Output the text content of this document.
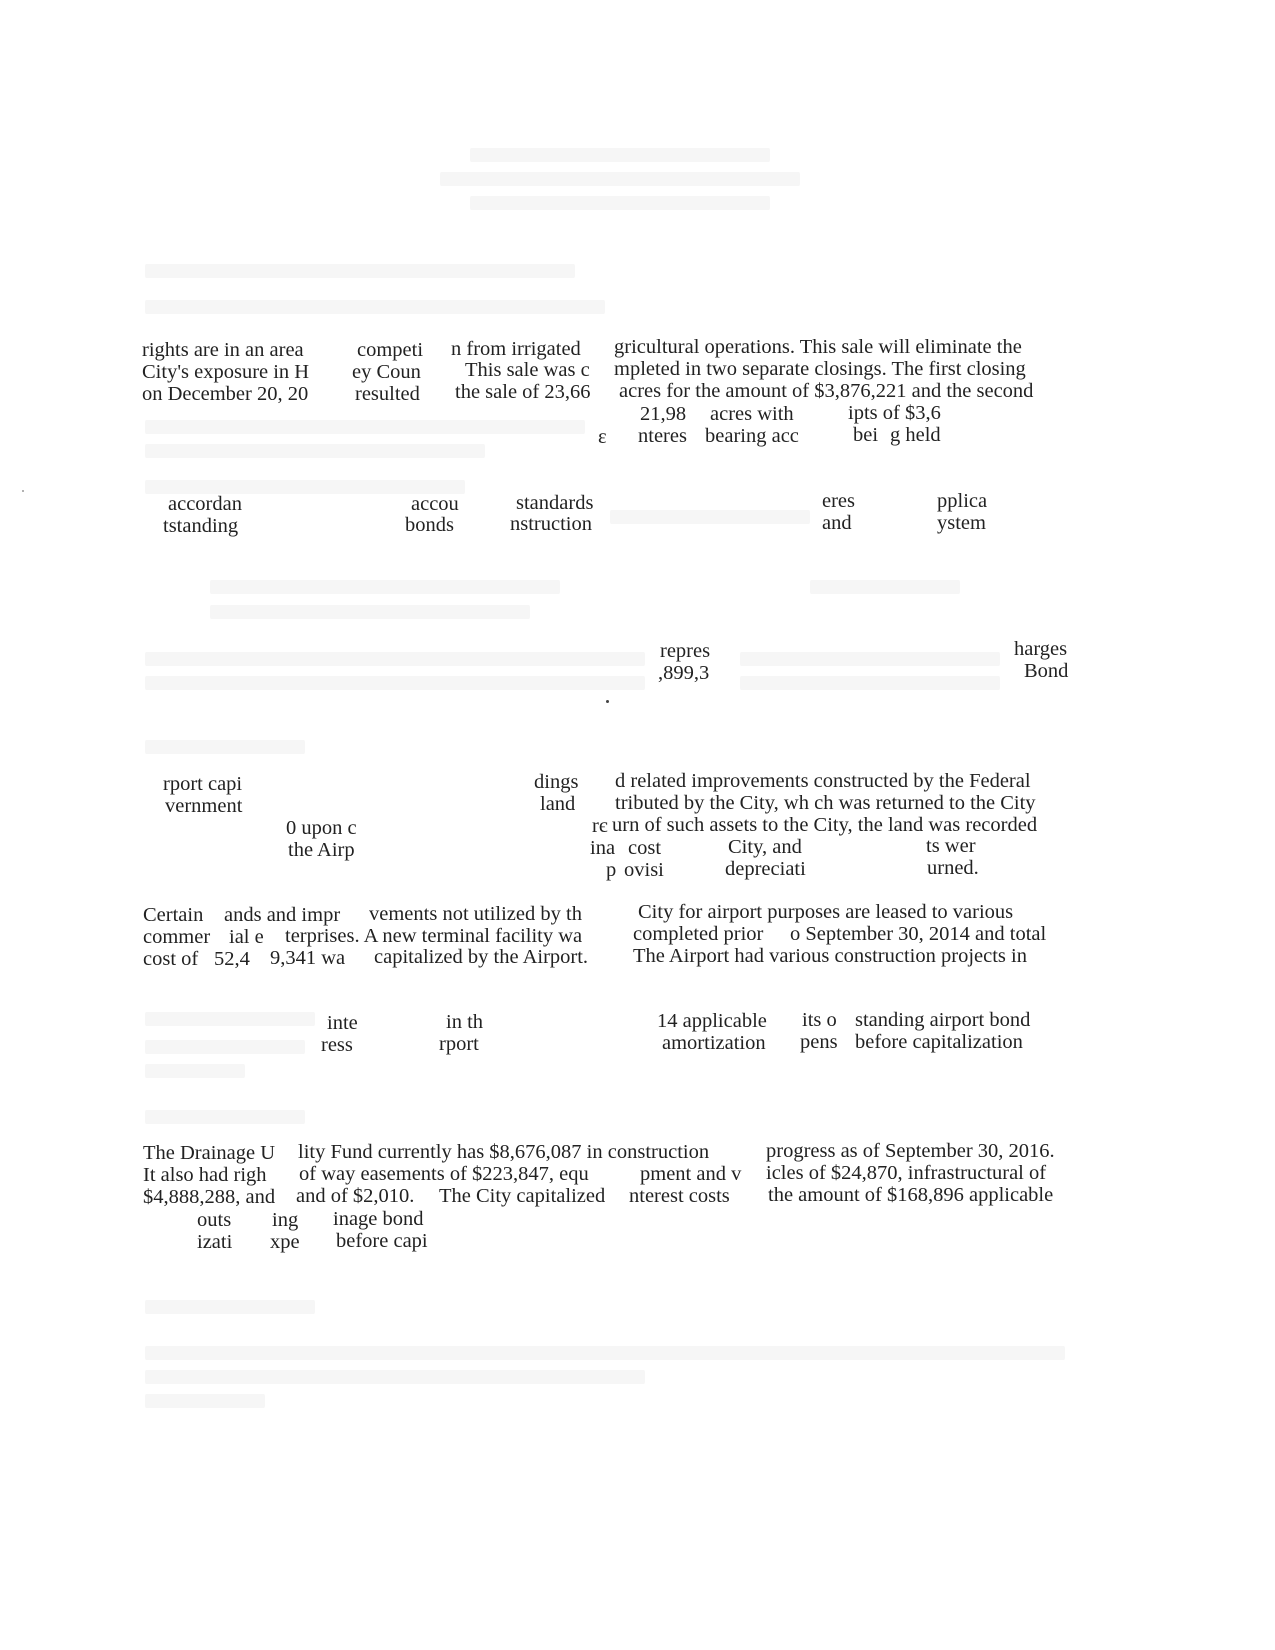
rights are in an area	competi n from irrigated gricultural operations. This sale will eliminate the
City's exposure in H ey Coun This sale was c mpleted in two separate closings. The first closing
on December 20, 20 resulted the sale of 23,66 acres for the amount of $3,876,221 and the second
21,98 acres with	ipts of $3,6
ε nteres bearing acc	bei g held
accordan	accou	standards	eres	pplica
tstanding	bonds	nstruction	and	ystem
repres	harges
,899,3	Bond
rport capi	dings d related improvements constructed by the Federal
vernment	land tributed by the City, wh ch was returned to the City
0 upon c	rє urn of such assets to the City, the land was recorded
the Airp	ina cost	City, and	ts wer
p ovisi	depreciati	urned.
Certain ands and impr vements not utilized by th	City for airport purposes are leased to various
commer ial e terprises. A new terminal facility wa completed prior o September 30, 2014 and total
cost of 52,4 9,341 wa capitalized by the Airport. The Airport had various construction projects in
inte	in th	14 applicable its o standing airport bond
ress	rport	amortization pens before capitalization
The Drainage U lity Fund currently has $8,676,087 in construction	progress as of September 30, 2016.
It also had righ of way easements of $223,847, equ pment and v icles of $24,870, infrastructural of
$4,888,288, and and of $2,010. The City capitalized nterest costs the amount of $168,896 applicable
outs ing inage bond
izati xpe before capi
